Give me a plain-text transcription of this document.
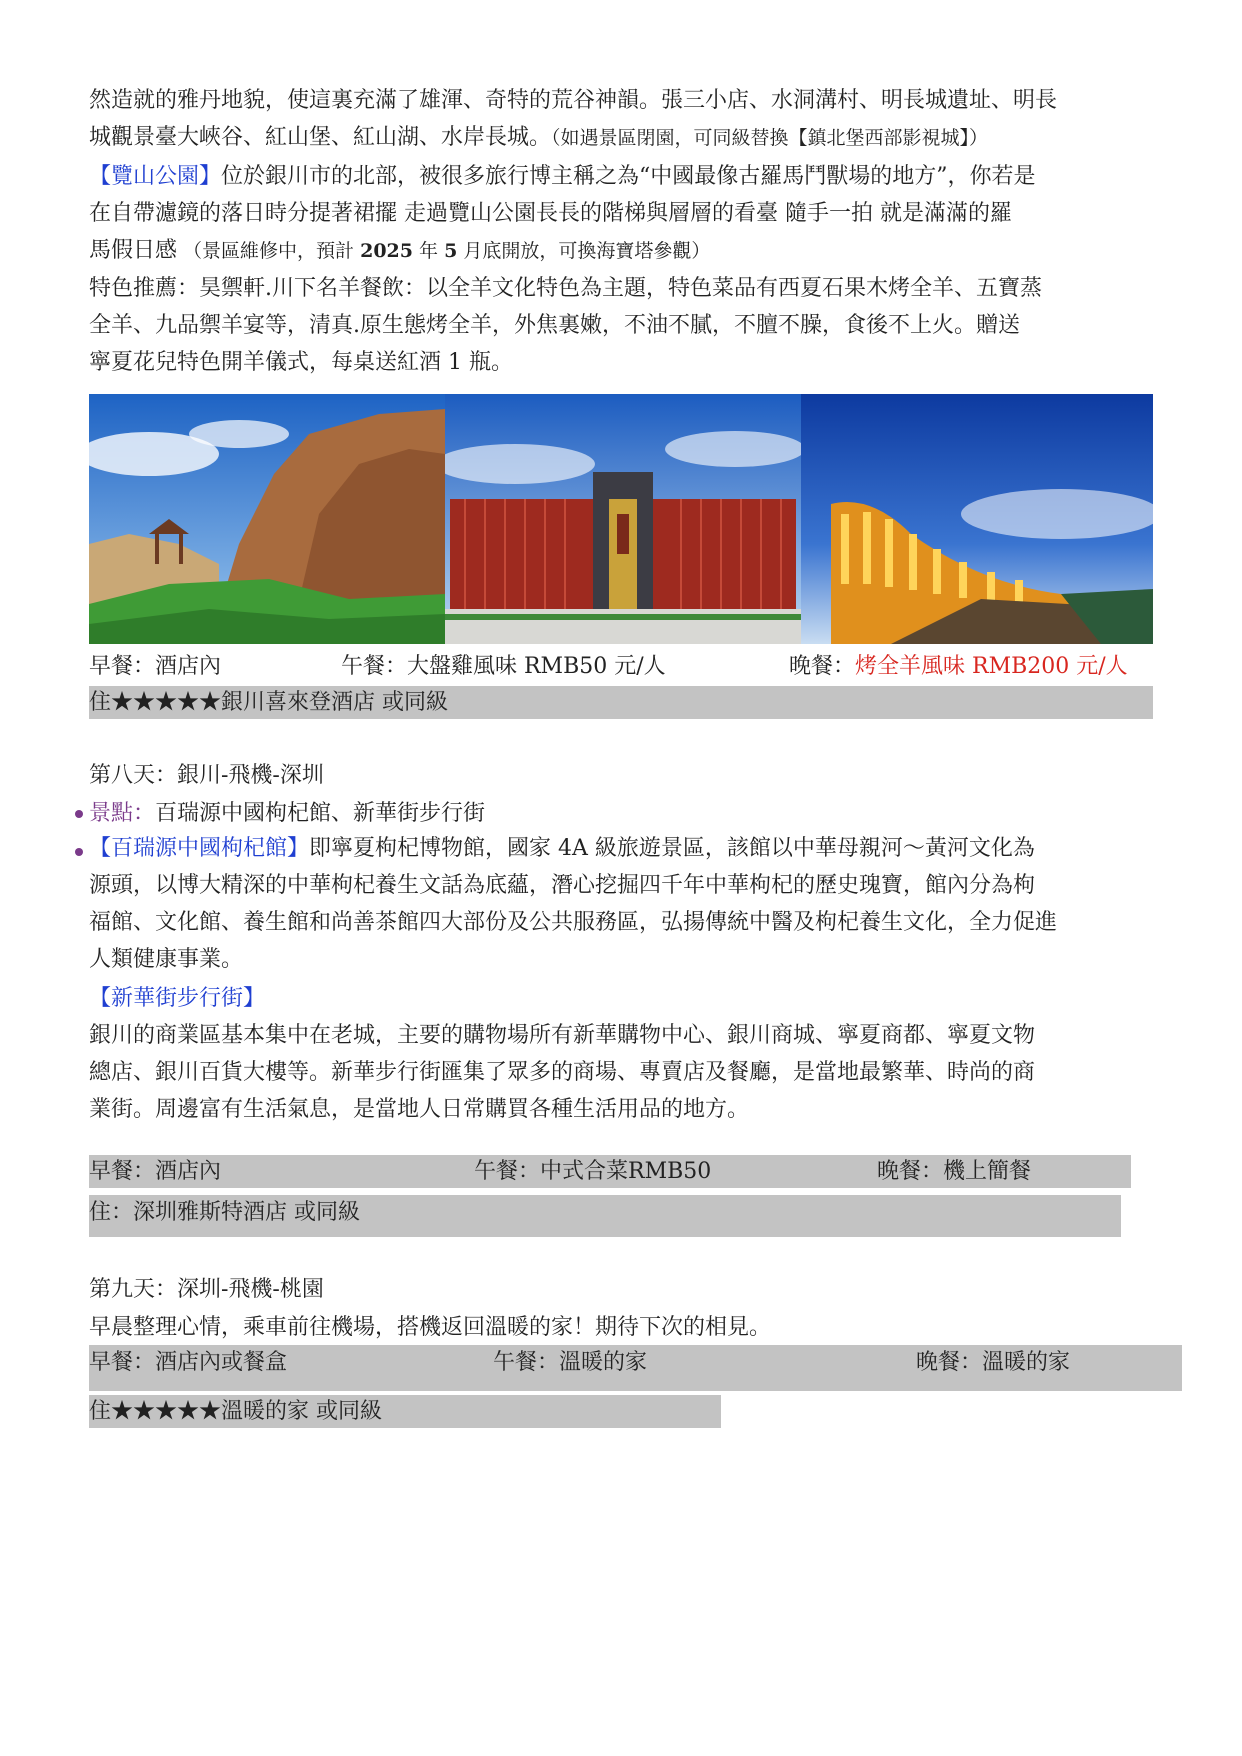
然造就的雅丹地貌，使這裏充滿了雄渾、奇特的荒谷神韻。張三小店、水洞溝村、明長城遺址、明長
城觀景臺大峽谷、紅山堡、紅山湖、水岸長城。（如遇景區閉園，可同級替換【鎮北堡西部影視城】）
【覽山公園】位於銀川市的北部，被很多旅行博主稱之為“中國最像古羅馬鬥獸場的地方”，你若是
在自帶濾鏡的落日時分提著裙擺 走過覽山公園長長的階梯與層層的看臺 隨手一拍 就是滿滿的羅
馬假日感 （景區維修中，預計 2025 年 5 月底開放，可換海寶塔參觀）
特色推薦：昊禦軒.川下名羊餐飲：以全羊文化特色為主題，特色菜品有西夏石果木烤全羊、五寶蒸
全羊、九品禦羊宴等，清真.原生態烤全羊，外焦裏嫩，不油不膩，不膻不臊，食後不上火。贈送
寧夏花兒特色開羊儀式，每桌送紅酒 1 瓶。
早餐：酒店內	午餐：大盤雞風味 RMB50 元/人	晚餐：烤全羊風味 RMB200 元/人
住★★★★★銀川喜來登酒店 或同級
第八天：銀川-飛機-深圳
景點：百瑞源中國枸杞館、新華街步行街
【百瑞源中國枸杞館】即寧夏枸杞博物館，國家 4A 級旅遊景區，該館以中華母親河～黃河文化為
源頭，以博大精深的中華枸杞養生文話為底蘊，潛心挖掘四千年中華枸杞的歷史瑰寶，館內分為枸
福館、文化館、養生館和尚善茶館四大部份及公共服務區，弘揚傳統中醫及枸杞養生文化，全力促進
人類健康事業。
【新華街步行街】
銀川的商業區基本集中在老城，主要的購物場所有新華購物中心、銀川商城、寧夏商都、寧夏文物
總店、銀川百貨大樓等。新華步行街匯集了眾多的商場、專賣店及餐廳，是當地最繁華、時尚的商
業街。周邊富有生活氣息，是當地人日常購買各種生活用品的地方。
早餐：酒店內	午餐：中式合菜RMB50	晚餐：機上簡餐
住：深圳雅斯特酒店 或同級
第九天：深圳-飛機-桃園
早晨整理心情，乘車前往機場，搭機返回溫暖的家！期待下次的相見。
早餐：酒店內或餐盒	午餐：溫暖的家	晚餐：溫暖的家
住★★★★★溫暖的家 或同級
